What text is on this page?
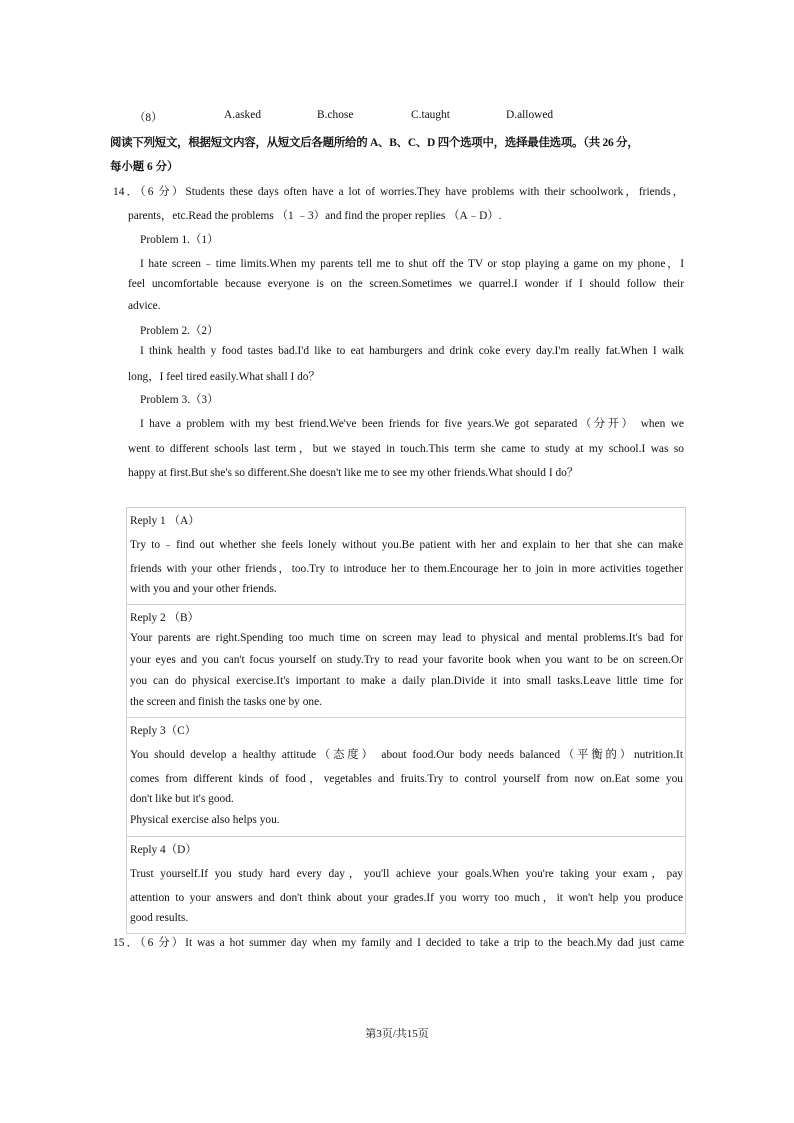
（8）	A.asked	B.chose	C.taught	D.allowed
阅读下列短文，根据短文内容，从短文后各题所给的 A、B、C、D 四个选项中，选择最佳选项。（共 26 分，
每小题 6 分）
14．（6 分）Students these days often have a lot of worries.They have problems with their schoolwork，friends，
parents，etc.Read the problems （1 ﹣3）and find the proper replies （A﹣D）.
Problem 1.（1）
I hate screen﹣time limits.When my parents tell me to shut off the TV or stop playing a game on my phone，I
feel uncomfortable because everyone is on the screen.Sometimes we quarrel.I wonder if I should follow their
advice.
Problem 2.（2）
I think health y food tastes bad.I'd like to eat hamburgers and drink coke every day.I'm really fat.When I walk
long，I feel tired easily.What shall I do？
Problem 3.（3）
I have a problem with my best friend.We've been friends for five years.We got separated（分开） when we
went to different schools last term，but we stayed in touch.This term she came to study at my school.I was so
happy at first.But she's so different.She doesn't like me to see my other friends.What should I do？
Reply 1 （A）
Try to﹣find out whether she feels lonely without you.Be patient with her and explain to her that she can make
friends with your other friends，too.Try to introduce her to them.Encourage her to join in more activities together
with you and your other friends.

Reply 2 （B）
Your parents are right.Spending too much time on screen may lead to physical and mental problems.It's bad for
your eyes and you can't focus yourself on study.Try to read your favorite book when you want to be on screen.Or
you can do physical exercise.It's important to make a daily plan.Divide it into small tasks.Leave little time for
the screen and finish the tasks one by one.

Reply 3（C）
You should develop a healthy attitude（态度） about food.Our body needs balanced（平衡的）nutrition.It
comes from different kinds of food，vegetables and fruits.Try to control yourself from now on.Eat some you
don't like but it's good.
Physical exercise also helps you.

Reply 4（D）
Trust yourself.If you study hard every day，you'll achieve your goals.When you're taking your exam，pay
attention to your answers and don't think about your grades.If you worry too much，it won't help you produce
good results.
15．（6 分）It was a hot summer day when my family and I decided to take a trip to the beach.My dad just came
第3页/共15页
